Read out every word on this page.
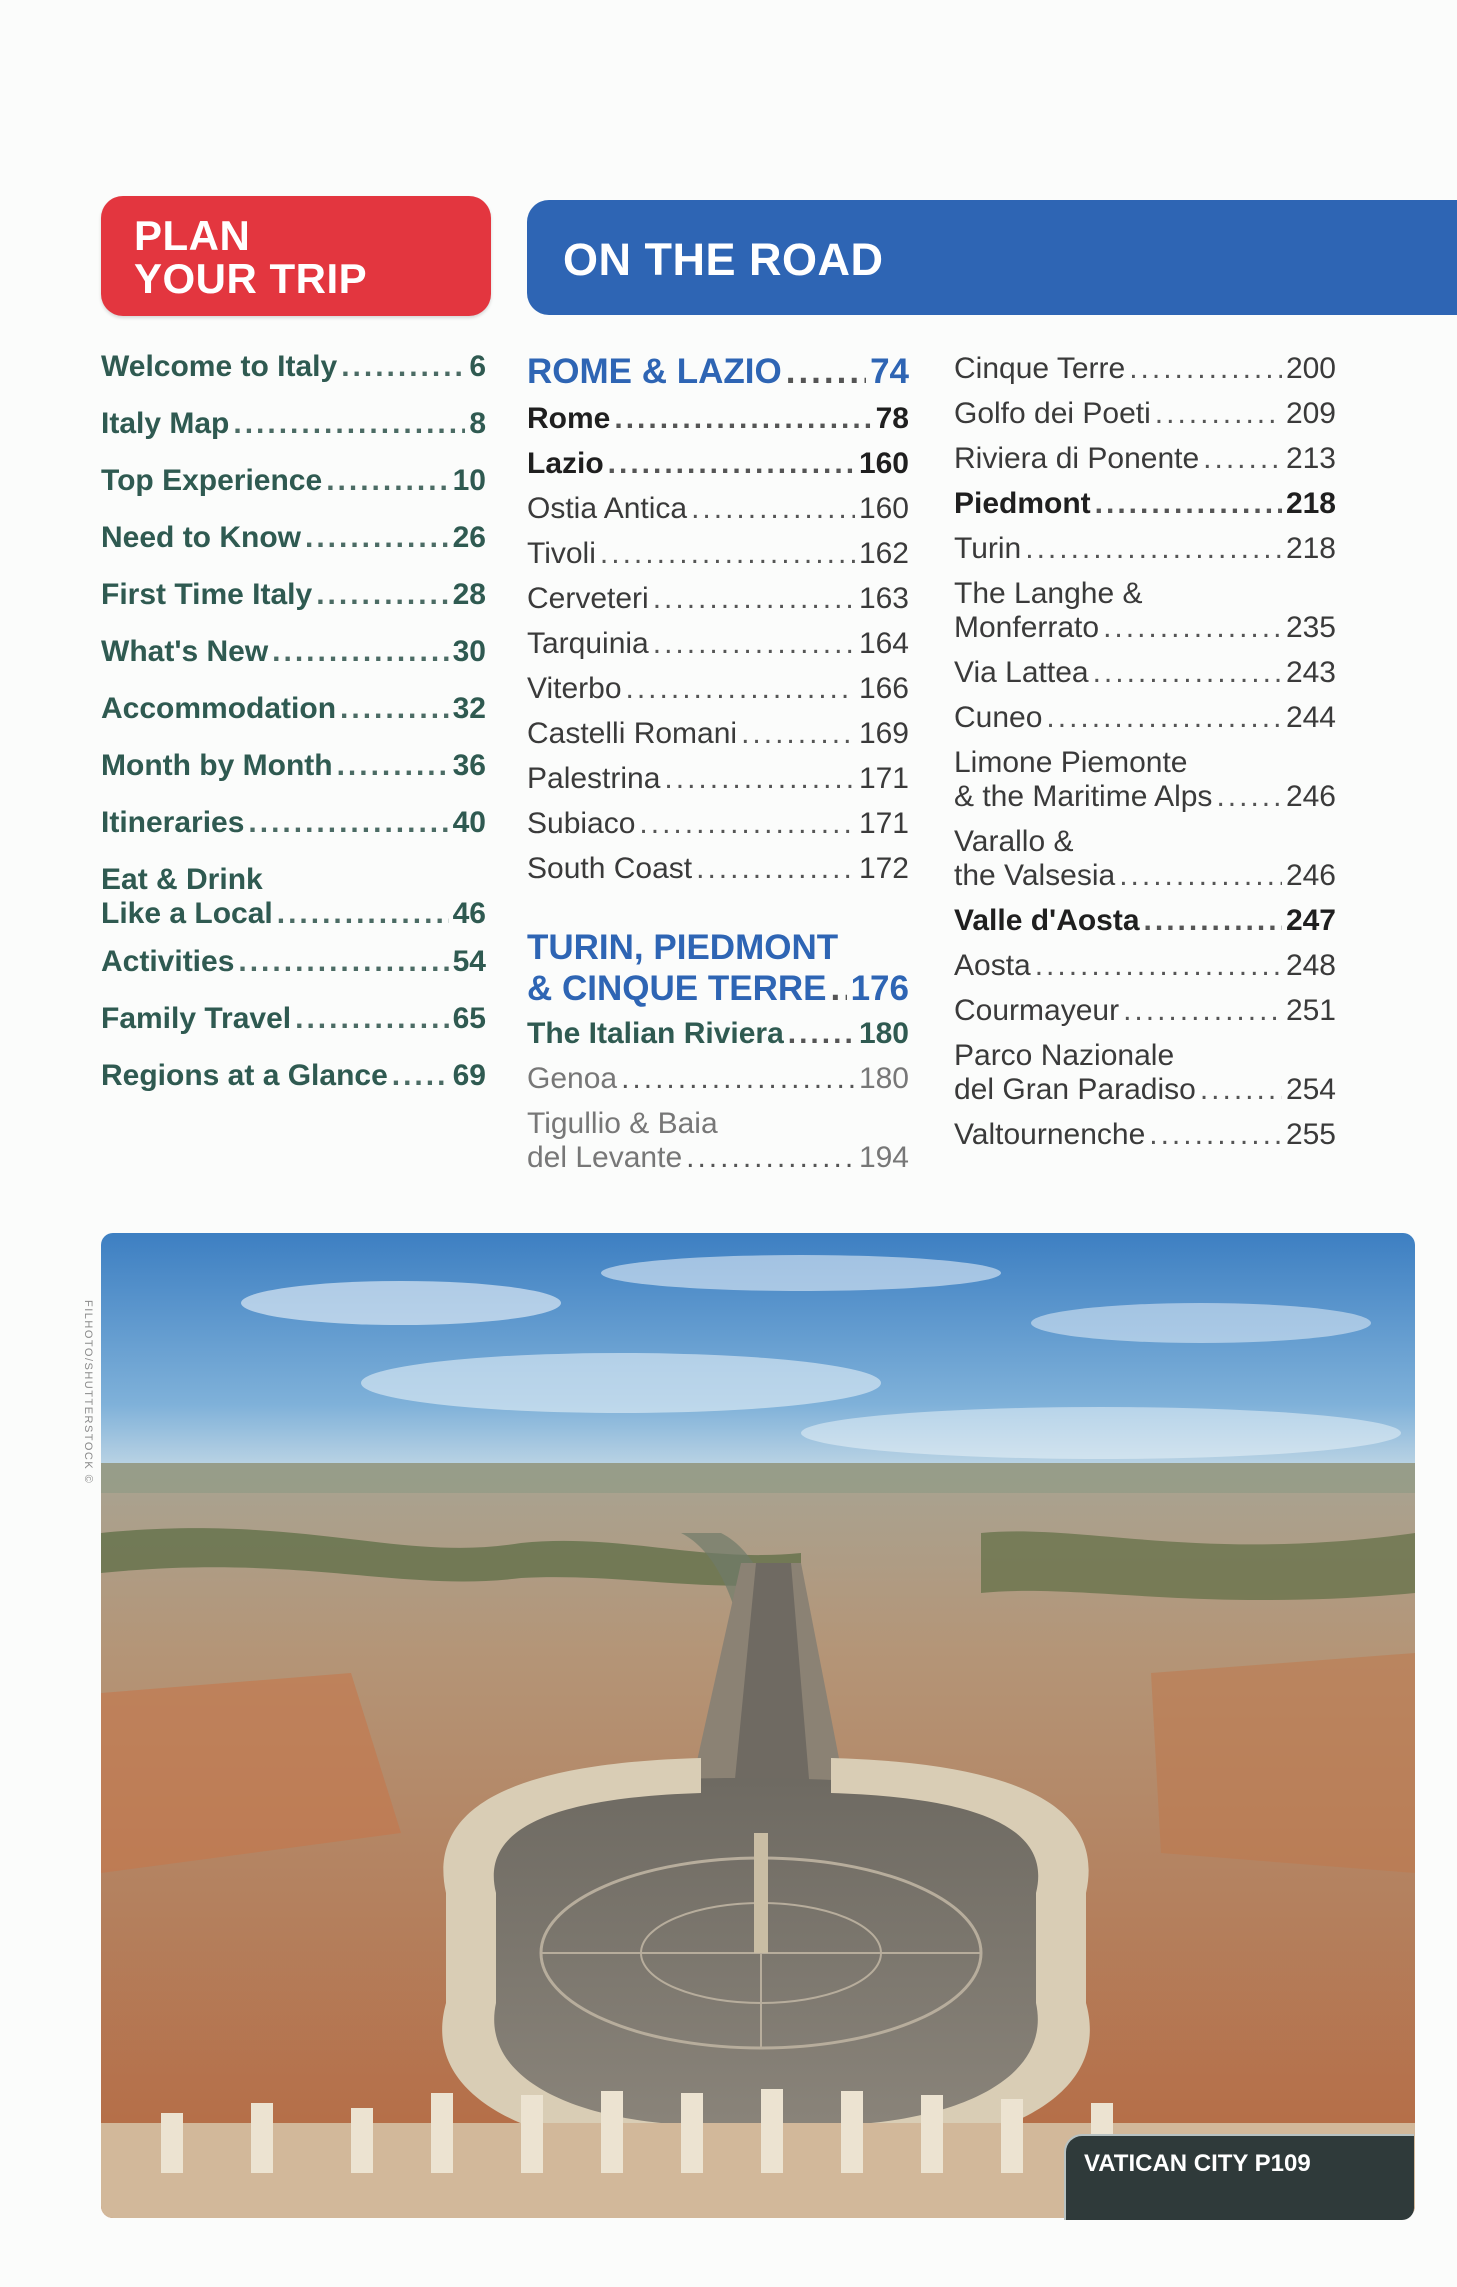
PLAN
YOUR TRIP	ON THE ROAD
Welcome to Italy .....	6
Italy Map .....	8
Top Experience .....	10
Need to Know .....	26
First Time Italy .....	28
What's New .....	30
Accommodation .....	32
Month by Month .....	36
Itineraries .....	40
Eat & Drink
Like a Local .....	46
Activities .....	54
Family Travel .....	65
Regions at a Glance ..... 69
ROME & LAZIO .....	74
Rome .....	78
Lazio .....	160
Ostia Antica .....	160
Tivoli .....	162
Cerveteri .....	163
Tarquinia .....	164
Viterbo .....	166
Castelli Romani .....	169
Palestrina .....	171
Subiaco .....	171
South Coast .....	172
TURIN, PIEDMONT
& CINQUE TERRE ..... 176
The Italian Riviera .....	180
Genoa .....	180
Tigullio & Baia
del Levante .....	194
Cinque Terre .....	200
Golfo dei Poeti .....	209
Riviera di Ponente .....	213
Piedmont .....	218
Turin .....	218
The Langhe &
Monferrato .....	235
Via Lattea .....	243
Cuneo .....	244
Limone Piemonte
& the Maritime Alps ..... 246
Varallo &
the Valsesia .....	246
Valle d'Aosta .....	247
Aosta .....	248
Courmayeur .....	251
Parco Nazionale
del Gran Paradiso .....	254
Valtournenche .....	255
FILHOTO/SHUTTERSTOCK ©
VATICAN CITY P109
